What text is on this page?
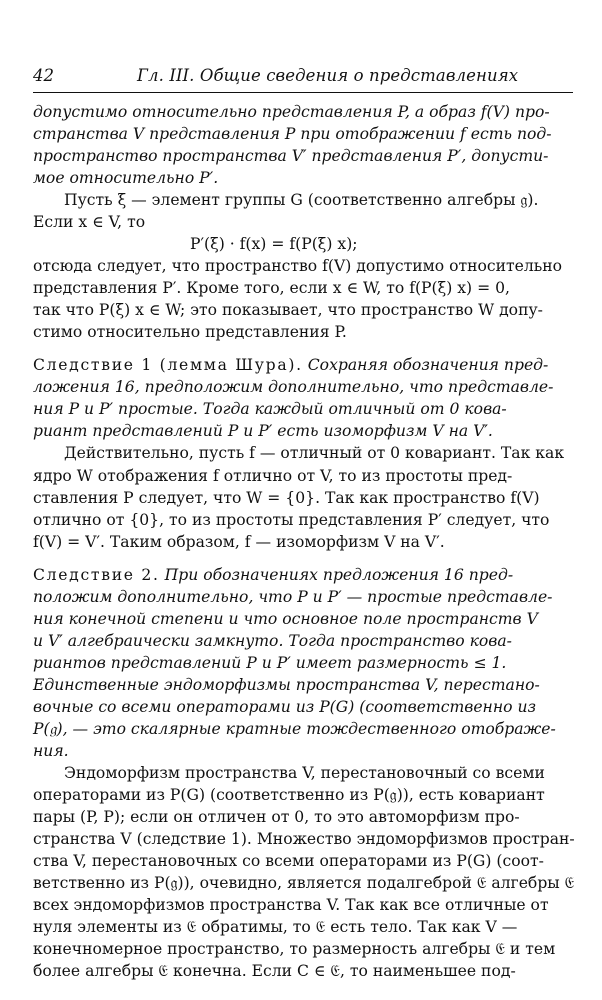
42	Гл. III. Общие сведения о представлениях
допустимо относительно представления P, а образ f(V) про-
странства V представления P при отображении f есть под-
пространство пространства V′ представления P′, допусти-
мое относительно P′.
Пусть ξ — элемент группы G (соответственно алгебры 𝔤).
Если x ∈ V, то
P′(ξ) · f(x) = f(P(ξ) x);
отсюда следует, что пространство f(V) допустимо относительно
представления P′. Кроме того, если x ∈ W, то f(P(ξ) x) = 0,
так что P(ξ) x ∈ W; это показывает, что пространство W допу-
стимо относительно представления P.
Следствие 1 (лемма Шура). Сохраняя обозначения пред-
ложения 16, предположим дополнительно, что представле-
ния P и P′ простые. Тогда каждый отличный от 0 кова-
риант представлений P и P′ есть изоморфизм V на V′.
Действительно, пусть f — отличный от 0 ковариант. Так как
ядро W отображения f отлично от V, то из простоты пред-
ставления P следует, что W = {0}. Так как пространство f(V)
отлично от {0}, то из простоты представления P′ следует, что
f(V) = V′. Таким образом, f — изоморфизм V на V′.
Следствие 2. При обозначениях предложения 16 пред-
положим дополнительно, что P и P′ — простые представле-
ния конечной степени и что основное поле пространств V
и V′ алгебраически замкнуто. Тогда пространство кова-
риантов представлений P и P′ имеет размерность ≤ 1.
Единственные эндоморфизмы пространства V, перестано-
вочные со всеми операторами из P(G) (соответственно из
P(𝔤), — это скалярные кратные тождественного отображе-
ния.
Эндоморфизм пространства V, перестановочный со всеми
операторами из P(G) (соответственно из P(𝔤)), есть ковариант
пары (P, P); если он отличен от 0, то это автоморфизм про-
странства V (следствие 1). Множество эндоморфизмов простран-
ства V, перестановочных со всеми операторами из P(G) (соот-
ветственно из P(𝔤)), очевидно, является подалгеброй 𝔈 алгебры 𝔈
всех эндоморфизмов пространства V. Так как все отличные от
нуля элементы из 𝔈 обратимы, то 𝔈 есть тело. Так как V —
конечномерное пространство, то размерность алгебры 𝔈 и тем
более алгебры 𝔈 конечна. Если C ∈ 𝔈, то наименьшее под-
